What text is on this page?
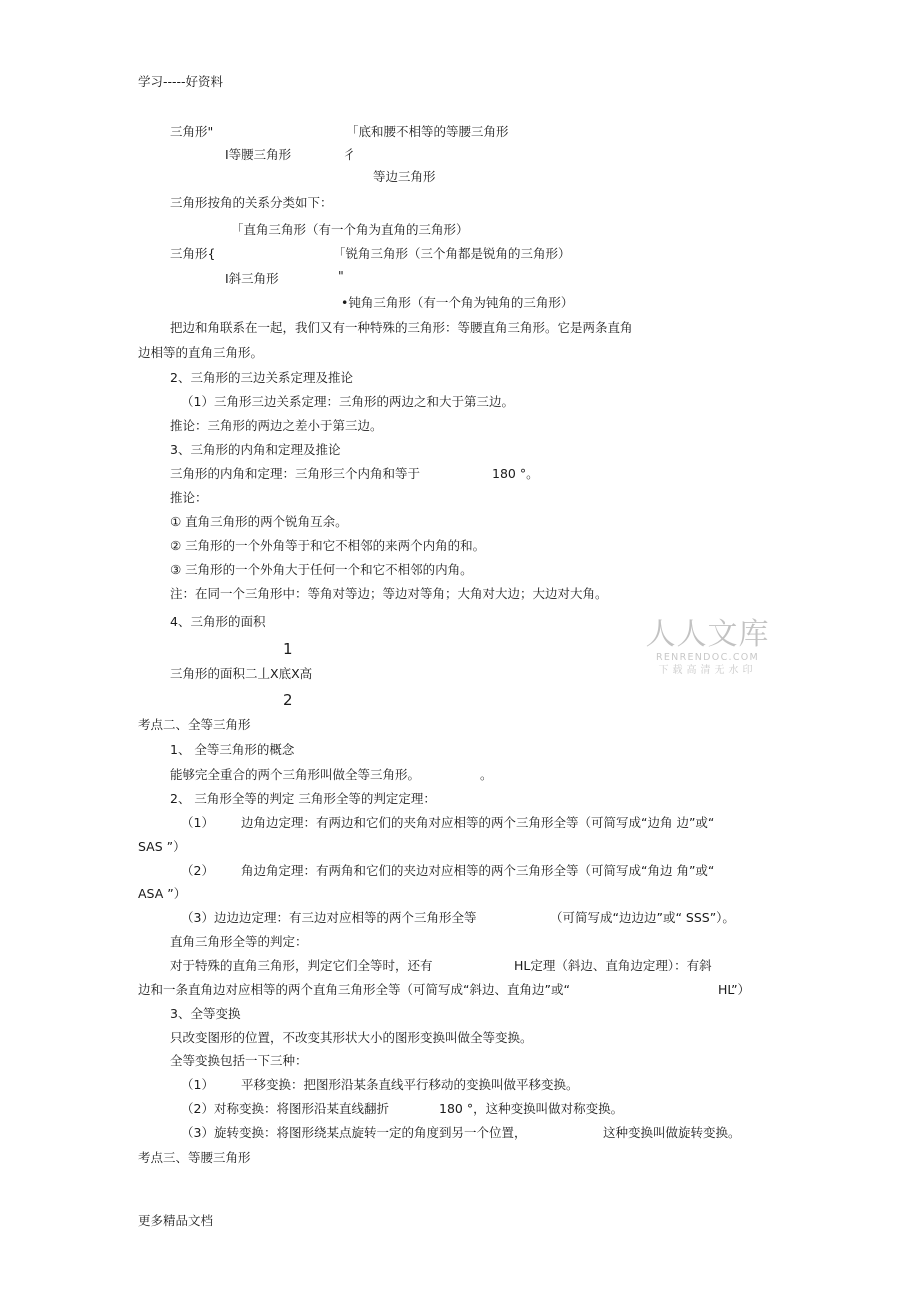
学习-----好资料
三角形"	「底和腰不相等的等腰三角形
I等腰三角形	彳
等边三角形
三角形按角的关系分类如下：
「直角三角形（有一个角为直角的三角形）
三角形{	「锐角三角形（三个角都是锐角的三角形）
I斜三角形	"
•钝角三角形（有一个角为钝角的三角形）
把边和角联系在一起，我们又有一种特殊的三角形：等腰直角三角形。它是两条直角
边相等的直角三角形。
2、三角形的三边关系定理及推论
（1）三角形三边关系定理：三角形的两边之和大于第三边。
推论：三角形的两边之差小于第三边。
3、三角形的内角和定理及推论
三角形的内角和定理：三角形三个内角和等于	180 °。
推论：
① 直角三角形的两个锐角互余。
② 三角形的一个外角等于和它不相邻的来两个内角的和。
③ 三角形的一个外角大于任何一个和它不相邻的内角。
注：在同一个三角形中：等角对等边；等边对等角；大角对大边；大边对大角。
4、三角形的面积
1
三角形的面积二丄X底X高
2
考点二、全等三角形
1、 全等三角形的概念
能够完全重合的两个三角形叫做全等三角形。	。
2、 三角形全等的判定 三角形全等的判定定理：
（1） 边角边定理：有两边和它们的夹角对应相等的两个三角形全等（可简写成“边角 边”或“
SAS ”）
（2） 角边角定理：有两角和它们的夹边对应相等的两个三角形全等（可简写成“角边 角”或“
ASA ”）
（3）边边边定理：有三边对应相等的两个三角形全等	（可简写成“边边边”或“ SSS”）。
直角三角形全等的判定：
对于特殊的直角三角形，判定它们全等时，还有	HL定理（斜边、直角边定理）：有斜
边和一条直角边对应相等的两个直角三角形全等（可简写成“斜边、直角边”或“	HL”）
3、全等变换
只改变图形的位置，不改变其形状大小的图形变换叫做全等变换。
全等变换包括一下三种：
（1） 平移变换：把图形沿某条直线平行移动的变换叫做平移变换。
（2）对称变换：将图形沿某直线翻折	180 °，这种变换叫做对称变换。
（3）旋转变换：将图形绕某点旋转一定的角度到另一个位置，	这种变换叫做旋转变换。
考点三、等腰三角形
更多精品文档
人人文库
RENRENDOC.COM
下载高清无水印
